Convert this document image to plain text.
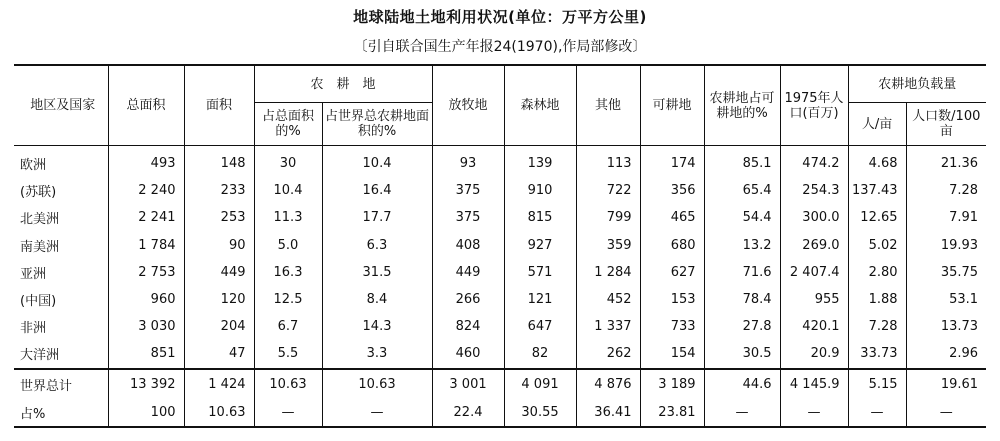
地球陆地土地利用状况(单位：万平方公里)
〔引自联合国生产年报24(1970),作局部修改〕
地区及国家	总面积	面积	农　耕　地		放牧地	森林地	其他	可耕地	农耕地占可耕地的%	1975年人口(百万)	农耕地负载量	
			占总面积的%	占世界总农耕地面积的%							人/亩	人口数/100亩
欧洲	493	148	30	10.4	93	139	113	174	85.1	474.2	4.68	21.36
(苏联)	2 240	233	10.4	16.4	375	910	722	356	65.4	254.3	137.43	7.28
北美洲	2 241	253	11.3	17.7	375	815	799	465	54.4	300.0	12.65	7.91
南美洲	1 784	90	5.0	6.3	408	927	359	680	13.2	269.0	5.02	19.93
亚洲	2 753	449	16.3	31.5	449	571	1 284	627	71.6	2 407.4	2.80	35.75
(中国)	960	120	12.5	8.4	266	121	452	153	78.4	955	1.88	53.1
非洲	3 030	204	6.7	14.3	824	647	1 337	733	27.8	420.1	7.28	13.73
大洋洲	851	47	5.5	3.3	460	82	262	154	30.5	20.9	33.73	2.96
世界总计	13 392	1 424	10.63	10.63	3 001	4 091	4 876	3 189	44.6	4 145.9	5.15	19.61
占%	100	10.63	—	—	22.4	30.55	36.41	23.81	—	—	—	—
